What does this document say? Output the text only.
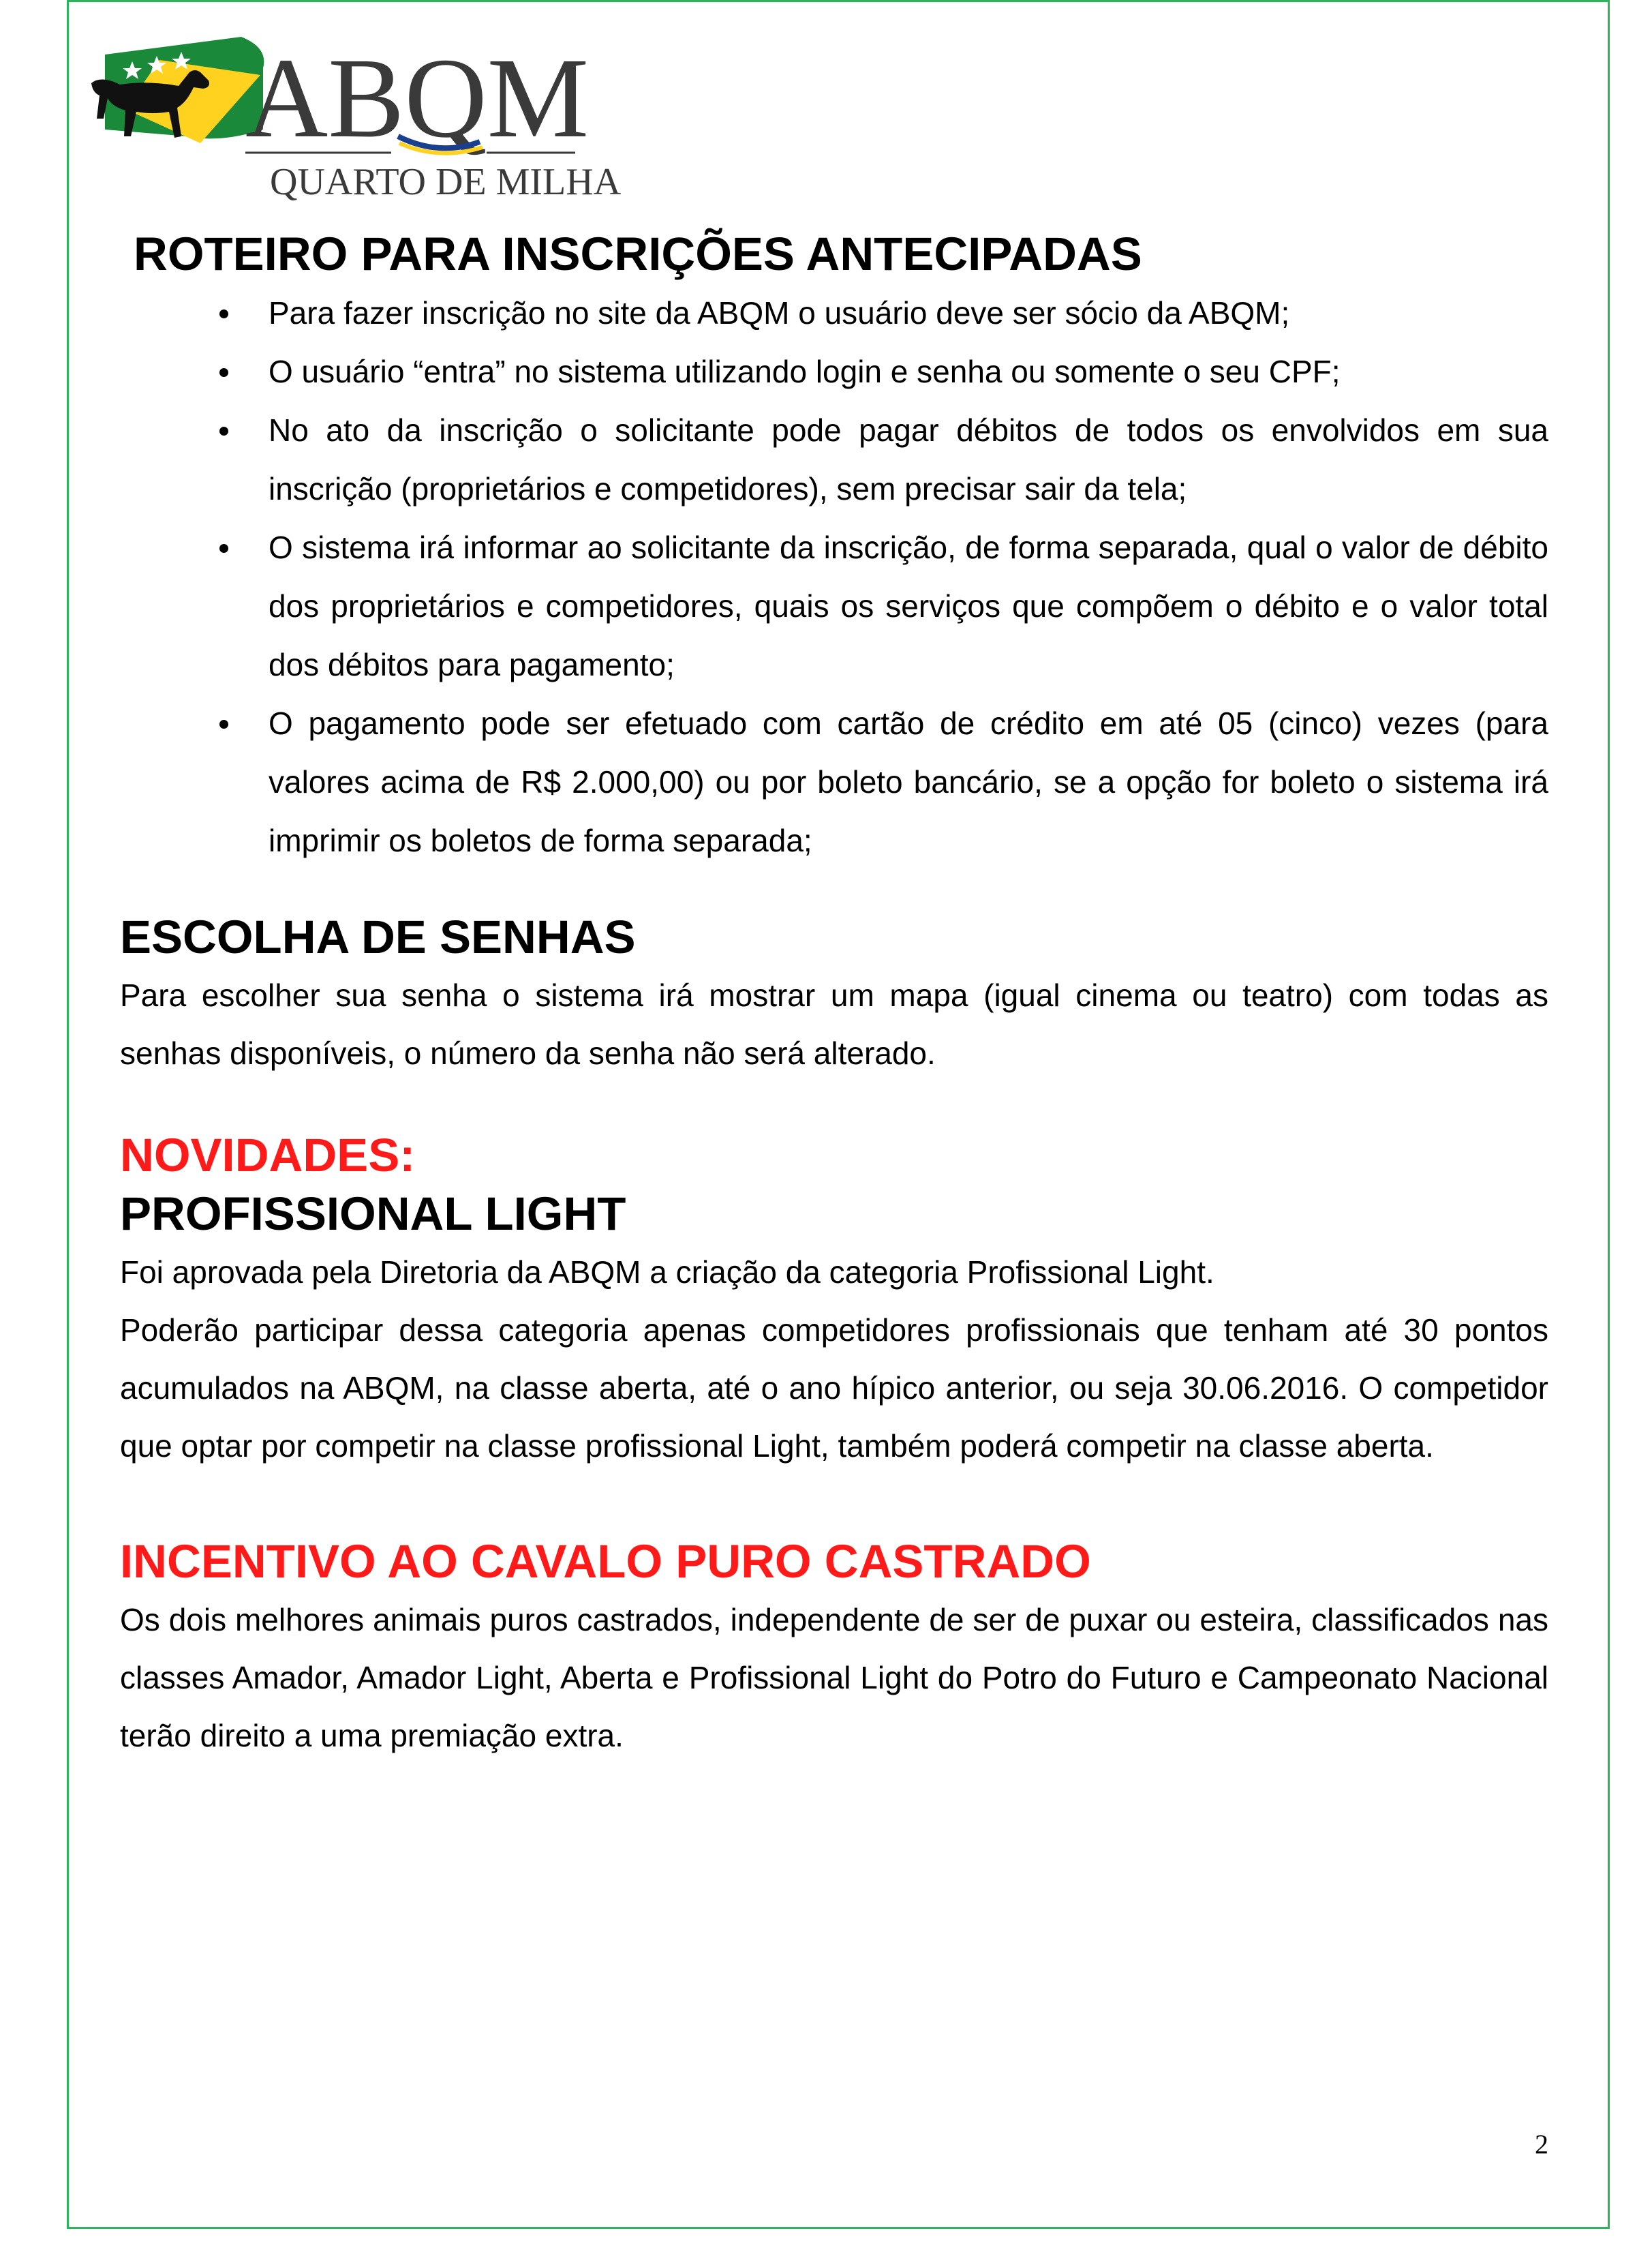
ABQM
QUARTO DE MILHA
ROTEIRO PARA INSCRIÇÕES ANTECIPADAS
Para fazer inscrição no site da ABQM o usuário deve ser sócio da ABQM;
O usuário “entra” no sistema utilizando login e senha ou somente o seu CPF;
No ato da inscrição o solicitante pode pagar débitos de todos os envolvidos em sua inscrição (proprietários e competidores), sem precisar sair da tela;
O sistema irá informar ao solicitante da inscrição, de forma separada, qual o valor de débito dos proprietários e competidores, quais os serviços que compõem o débito e o valor total dos débitos para pagamento;
O pagamento pode ser efetuado com cartão de crédito em até 05 (cinco) vezes (para valores acima de R$ 2.000,00) ou por boleto bancário, se a opção for boleto o sistema irá imprimir os boletos de forma separada;
ESCOLHA DE SENHAS

Para escolher sua senha o sistema irá mostrar um mapa (igual cinema ou teatro) com todas as senhas disponíveis, o número da senha não será alterado.

NOVIDADES:
PROFISSIONAL LIGHT

Foi aprovada pela Diretoria da ABQM a criação da categoria Profissional Light.

Poderão participar dessa categoria apenas competidores profissionais que tenham até 30 pontos acumulados na ABQM, na classe aberta, até o ano hípico anterior, ou seja 30.06.2016. O competidor que optar por competir na classe profissional Light, também poderá competir na classe aberta.

INCENTIVO AO CAVALO PURO CASTRADO

Os dois melhores animais puros castrados, independente de ser de puxar ou esteira, classificados nas classes Amador, Amador Light, Aberta e Profissional Light do Potro do Futuro e Campeonato Nacional terão direito a uma premiação extra.

2
